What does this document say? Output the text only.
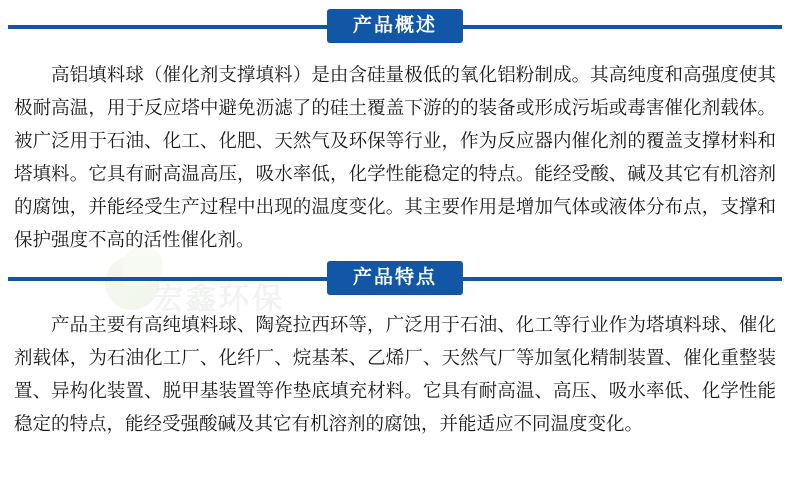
宏鑫环保
产品概述

高铝填料球（催化剂支撑填料）是由含硅量极低的氧化铝粉制成。其高纯度和高强度使其极耐高温，用于反应塔中避免沥滤了的硅土覆盖下游的的装备或形成污垢或毒害催化剂载体。被广泛用于石油、化工、化肥、天然气及环保等行业，作为反应器内催化剂的覆盖支撑材料和塔填料。它具有耐高温高压，吸水率低，化学性能稳定的特点。能经受酸、碱及其它有机溶剂的腐蚀，并能经受生产过程中出现的温度变化。其主要作用是增加气体或液体分布点，支撑和保护强度不高的活性催化剂。

产品特点

产品主要有高纯填料球、陶瓷拉西环等，广泛用于石油、化工等行业作为塔填料球、催化剂载体，为石油化工厂、化纤厂、烷基苯、乙烯厂、天然气厂等加氢化精制装置、催化重整装置、异构化装置、脱甲基装置等作垫底填充材料。它具有耐高温、高压、吸水率低、化学性能稳定的特点，能经受强酸碱及其它有机溶剂的腐蚀，并能适应不同温度变化。
